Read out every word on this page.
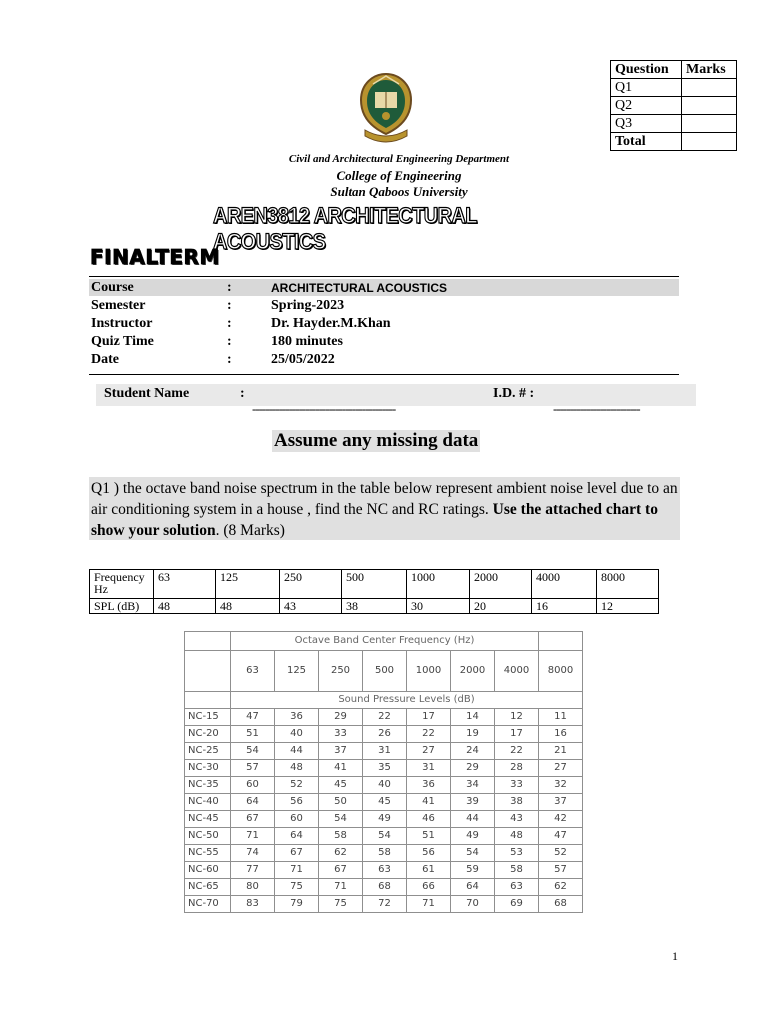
Question	Marks
Q1	
Q2	
Q3	
Total	
Civil and Architectural Engineering Department
College of Engineering
Sultan Qaboos University
AREN3812 ARCHITECTURAL ACOUSTICS
FINALTERM
Course	:	ARCHITECTURAL ACOUSTICS
Semester	:	Spring-2023
Instructor	:	Dr. Hayder.M.Khan
Quiz Time	:	180 minutes
Date	:	25/05/2022
Student Name	:	I.D. # :
-------------------------------------------	--------------------------
Assume any missing data
Q1 ) the octave band noise spectrum in the table below represent ambient noise level due to an air conditioning system in a house , find the NC and RC ratings. Use the attached chart to show your solution. (8 Marks)
Frequency Hz	63	125	250	500	1000	2000	4000	8000
SPL (dB)	48	48	43	38	30	20	16	12
	Octave Band Center Frequency (Hz)							
	63	125	250	500	1000	2000	4000	8000
	Sound Pressure Levels (dB)							
NC-15	47	36	29	22	17	14	12	11
NC-20	51	40	33	26	22	19	17	16
NC-25	54	44	37	31	27	24	22	21
NC-30	57	48	41	35	31	29	28	27
NC-35	60	52	45	40	36	34	33	32
NC-40	64	56	50	45	41	39	38	37
NC-45	67	60	54	49	46	44	43	42
NC-50	71	64	58	54	51	49	48	47
NC-55	74	67	62	58	56	54	53	52
NC-60	77	71	67	63	61	59	58	57
NC-65	80	75	71	68	66	64	63	62
NC-70	83	79	75	72	71	70	69	68
1
